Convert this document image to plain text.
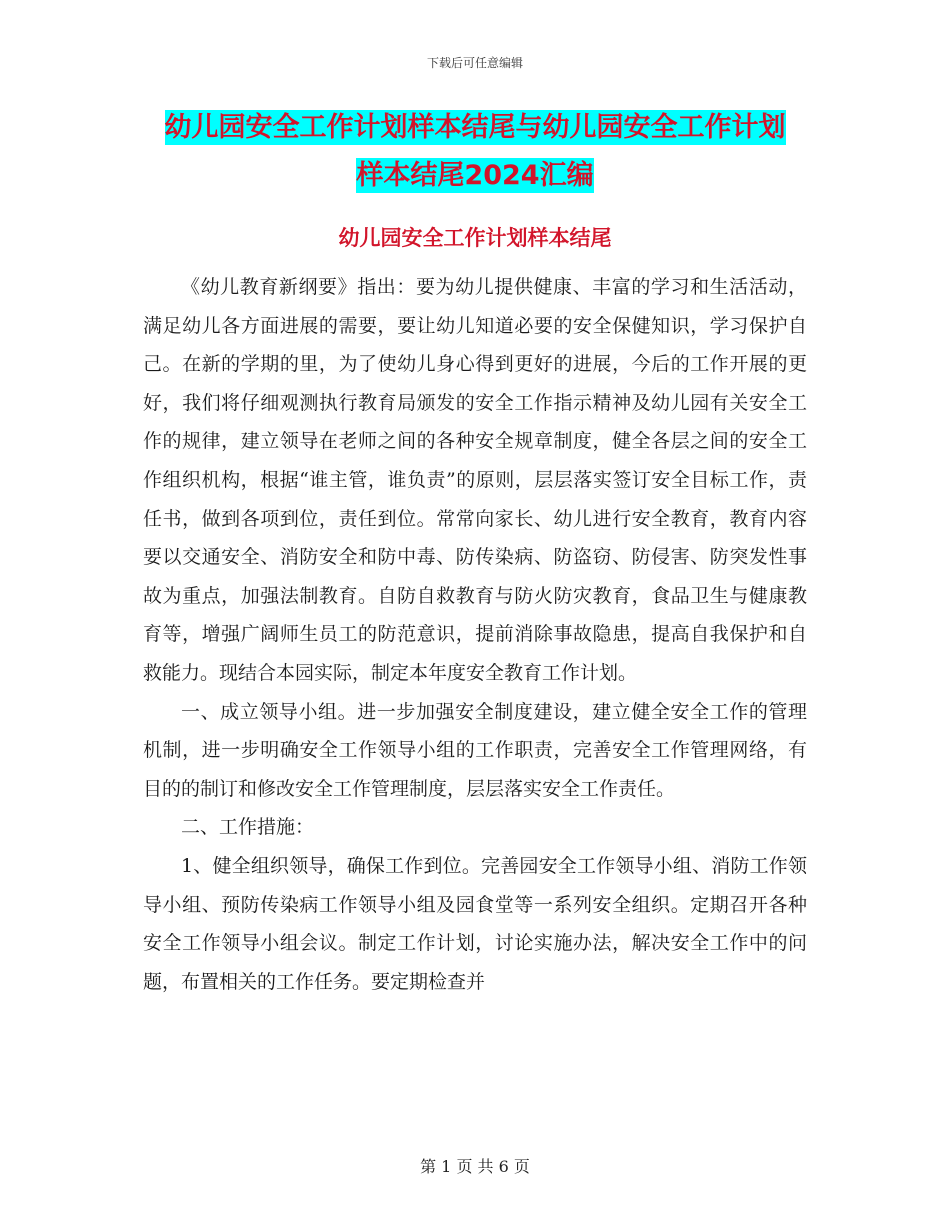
下载后可任意编辑
幼儿园安全工作计划样本结尾与幼儿园安全工作计划
样本结尾2024汇编
幼儿园安全工作计划样本结尾

《幼儿教育新纲要》指出：要为幼儿提供健康、丰富的学习和生活活动，满足幼儿各方面进展的需要，要让幼儿知道必要的安全保健知识，学习保护自己。在新的学期的里，为了使幼儿身心得到更好的进展，今后的工作开展的更好，我们将仔细观测执行教育局颁发的安全工作指示精神及幼儿园有关安全工作的规律，建立领导在老师之间的各种安全规章制度，健全各层之间的安全工作组织机构，根据“谁主管，谁负责”的原则，层层落实签订安全目标工作，责任书，做到各项到位，责任到位。常常向家长、幼儿进行安全教育，教育内容要以交通安全、消防安全和防中毒、防传染病、防盗窃、防侵害、防突发性事故为重点，加强法制教育。自防自救教育与防火防灾教育，食品卫生与健康教育等，增强广阔师生员工的防范意识，提前消除事故隐患，提高自我保护和自救能力。现结合本园实际，制定本年度安全教育工作计划。

一、成立领导小组。进一步加强安全制度建设，建立健全安全工作的管理机制，进一步明确安全工作领导小组的工作职责，完善安全工作管理网络，有目的的制订和修改安全工作管理制度，层层落实安全工作责任。

二、工作措施：

1、健全组织领导，确保工作到位。完善园安全工作领导小组、消防工作领导小组、预防传染病工作领导小组及园食堂等一系列安全组织。定期召开各种安全工作领导小组会议。制定工作计划，讨论实施办法，解决安全工作中的问题，布置相关的工作任务。要定期检查并

第 1 页 共 6 页
